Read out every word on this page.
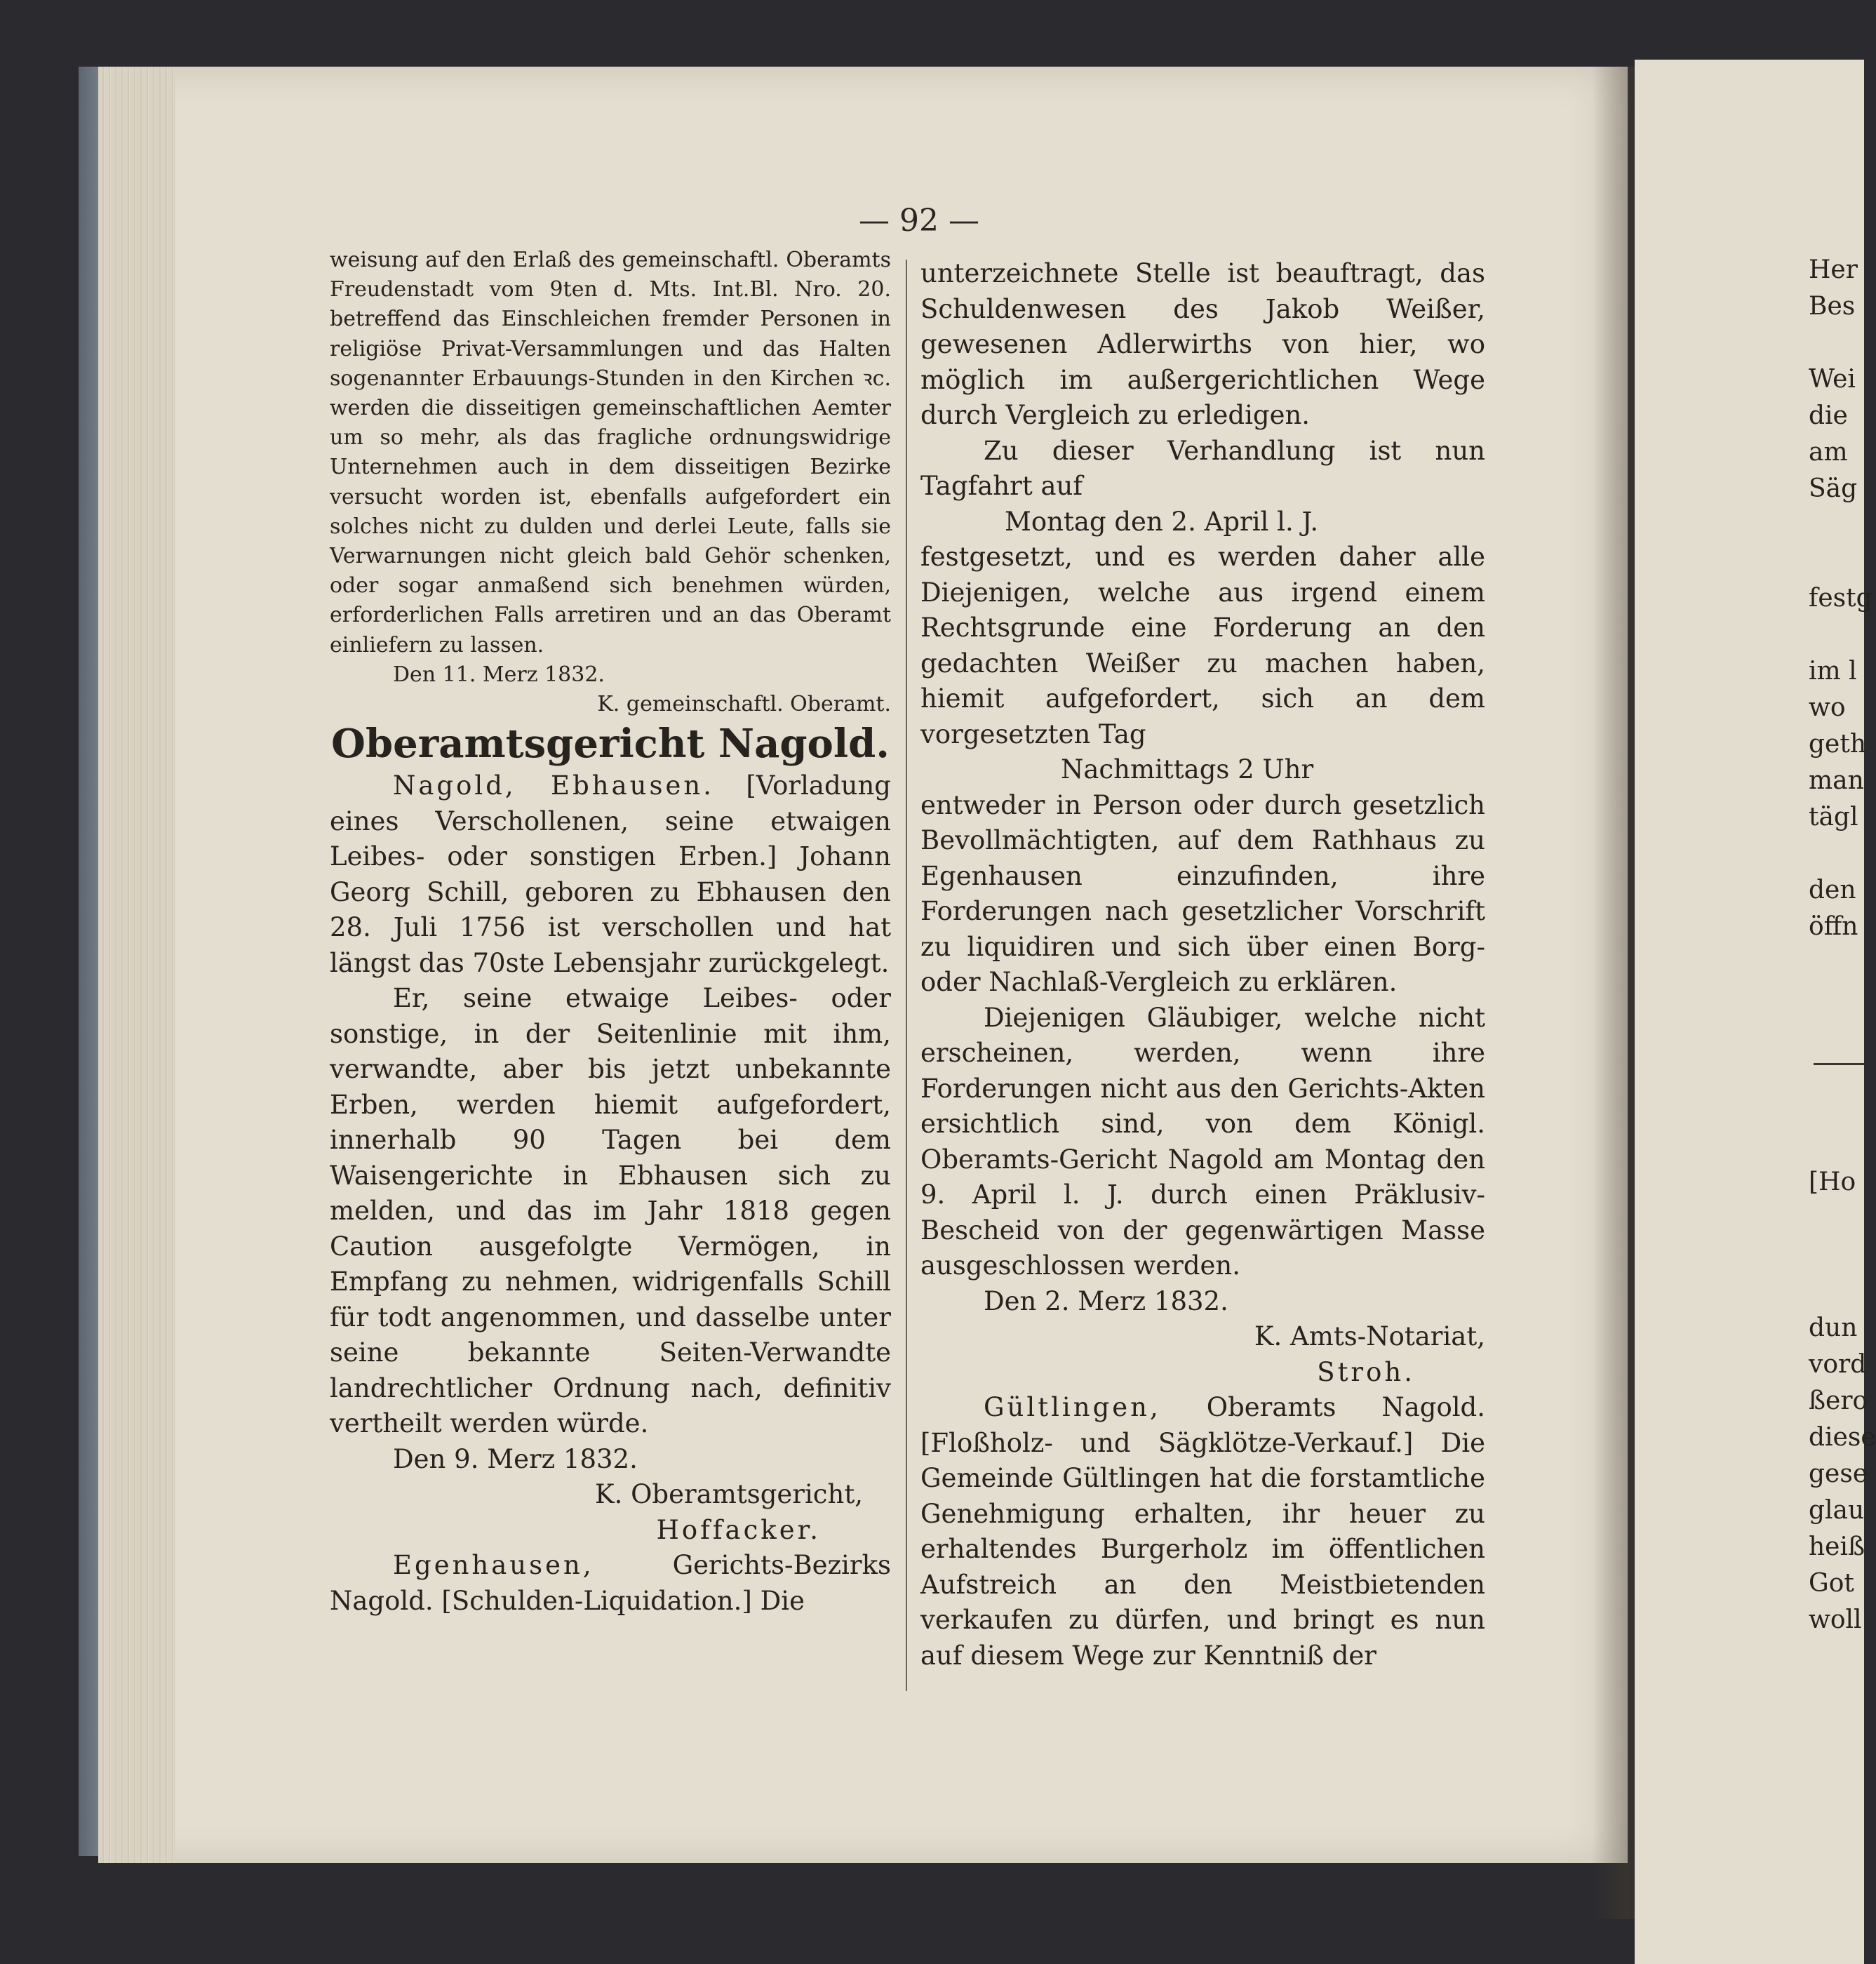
— 92 —

weisung auf den Erlaß des gemeinschaftl. Oberamts Freudenstadt vom 9ten d. Mts. Int.Bl. Nro. 20. betreffend das Einschleichen fremder Personen in religiöse Privat-Versammlungen und das Halten sogenannter Erbauungs-Stunden in den Kirchen ꝛc. werden die disseitigen gemeinschaftlichen Aemter um so mehr, als das fragliche ordnungswidrige Unternehmen auch in dem disseitigen Bezirke versucht worden ist, ebenfalls aufgefordert ein solches nicht zu dulden und derlei Leute, falls sie Verwarnungen nicht gleich bald Gehör schenken, oder sogar anmaßend sich benehmen würden, erforderlichen Falls arretiren und an das Oberamt einliefern zu lassen.

Den 11. Merz 1832.

K. gemeinschaftl. Oberamt.

Oberamtsgericht Nagold.

Nagold, Ebhausen. [Vorladung eines Verschollenen, seine etwaigen Leibes- oder sonstigen Erben.] Johann Georg Schill, geboren zu Ebhausen den 28. Juli 1756 ist verschollen und hat längst das 70ste Lebensjahr zurückgelegt.

Er, seine etwaige Leibes- oder sonstige, in der Seitenlinie mit ihm, verwandte, aber bis jetzt unbekannte Erben, werden hiemit aufgefordert, innerhalb 90 Tagen bei dem Waisengerichte in Ebhausen sich zu melden, und das im Jahr 1818 gegen Caution ausgefolgte Vermögen, in Empfang zu nehmen, widrigenfalls Schill für todt angenommen, und dasselbe unter seine bekannte Seiten-Verwandte landrechtlicher Ordnung nach, definitiv vertheilt werden würde.

Den 9. Merz 1832.

K. Oberamtsgericht,

Hoffacker.

Egenhausen,	Gerichts-Bezirks Nagold. [Schulden-Liquidation.] Die

unterzeichnete Stelle ist beauftragt, das Schuldenwesen des Jakob Weißer, gewesenen Adlerwirths von hier, wo möglich im außergerichtlichen Wege durch Vergleich zu erledigen.

Zu dieser Verhandlung ist nun Tagfahrt auf

Montag den 2. April l. J.

festgesetzt, und es werden daher alle Diejenigen, welche aus irgend einem Rechtsgrunde eine Forderung an den gedachten Weißer zu machen haben, hiemit aufgefordert, sich an dem vorgesetzten Tag

Nachmittags 2 Uhr

entweder in Person oder durch gesetzlich Bevollmächtigten, auf dem Rathhaus zu Egenhausen einzufinden, ihre Forderungen nach gesetzlicher Vorschrift zu liquidiren und sich über einen Borg- oder Nachlaß-Vergleich zu erklären.

Diejenigen Gläubiger, welche nicht erscheinen, werden, wenn ihre Forderungen nicht aus den Gerichts-Akten ersichtlich sind, von dem Königl. Oberamts-Gericht Nagold am Montag den 9. April l. J. durch einen Präklusiv-Bescheid von der gegenwärtigen Masse ausgeschlossen werden.

Den 2. Merz 1832.

K. Amts-Notariat,

Stroh.

Gültlingen, Oberamts Nagold. [Floßholz- und Sägklötze-Verkauf.] Die Gemeinde Gültlingen hat die forstamtliche Genehmigung erhalten, ihr heuer zu erhaltendes Burgerholz im öffentlichen Aufstreich an den Meistbietenden verkaufen zu dürfen, und bringt es nun auf diesem Wege zur Kenntniß der

Her
Bes
Wei
die
am
Säg
festg
im l
wo
geth
man
tägl
den
öffn
[Ho
dun
vord
ßero
diese
gese
glau
heiß
Got
woll
